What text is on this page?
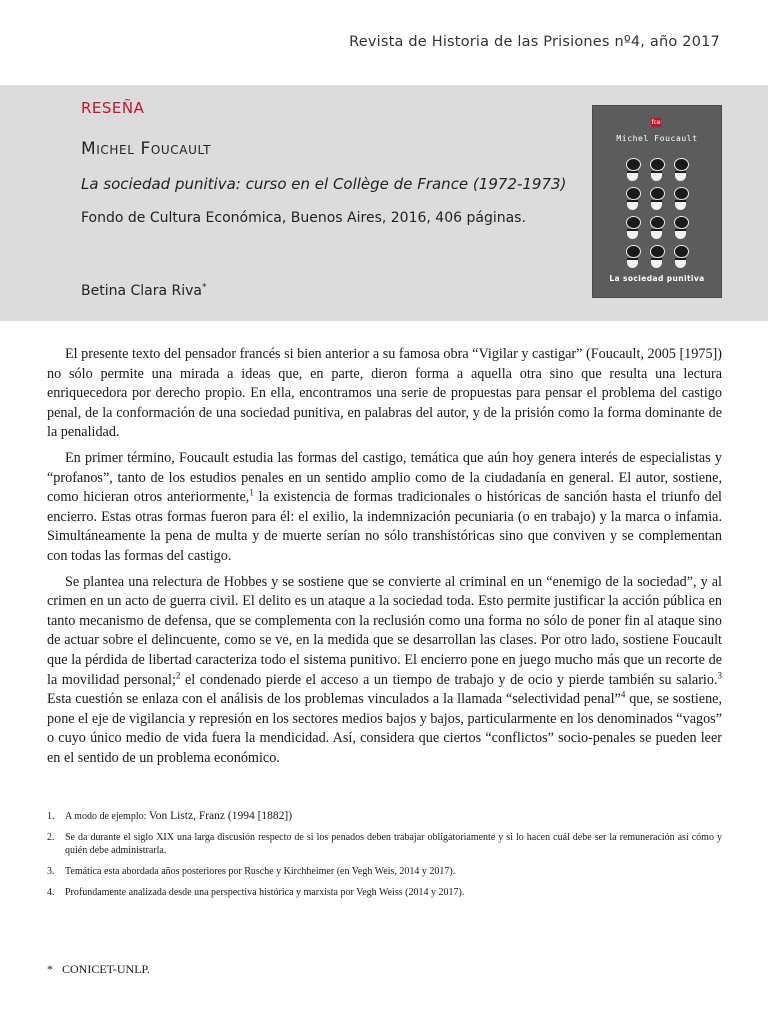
Revista de Historia de las Prisiones nº4, año 2017
RESEÑA
Michel Foucault
La sociedad punitiva: curso en el Collège de France (1972-1973)
Fondo de Cultura Económica, Buenos Aires, 2016, 406 páginas.
Betina Clara Riva*
fce
Michel Foucault
La sociedad punitiva

El presente texto del pensador francés si bien anterior a su famosa obra “Vigilar y castigar” (Foucault, 2005 [1975]) no sólo permite una mirada a ideas que, en parte, dieron forma a aquella otra sino que resulta una lectura enriquecedora por derecho propio. En ella, encontramos una serie de propuestas para pensar el problema del castigo penal, de la conformación de una sociedad punitiva, en palabras del autor, y de la prisión como la forma dominante de la penalidad.

En primer término, Foucault estudia las formas del castigo, temática que aún hoy genera interés de especialistas y “profanos”, tanto de los estudios penales en un sentido amplio como de la ciudadanía en general. El autor, sostiene, como hicieran otros anteriormente,$^1$ la existencia de formas tradicionales o históricas de sanción hasta el triunfo del encierro. Estas otras formas fueron para él: el exilio, la indemnización pecuniaria (o en trabajo) y la marca o infamia. Simultáneamente la pena de multa y de muerte serían no sólo transhistóricas sino que conviven y se complementan con todas las formas del castigo.

Se plantea una relectura de Hobbes y se sostiene que se convierte al criminal en un “enemigo de la sociedad”, y al crimen en un acto de guerra civil. El delito es un ataque a la sociedad toda. Esto permite justificar la acción pública en tanto mecanismo de defensa, que se complementa con la reclusión como una forma no sólo de poner fin al ataque sino de actuar sobre el delincuente, como se ve, en la medida que se desarrollan las clases. Por otro lado, sostiene Foucault que la pérdida de libertad caracteriza todo el sistema punitivo. El encierro pone en juego mucho más que un recorte de la movilidad personal;$^2$ el condenado pierde el acceso a un tiempo de trabajo y de ocio y pierde también su salario.$^3$ Esta cuestión se enlaza con el análisis de los problemas vinculados a la llamada “selectividad penal”$^4$ que, se sostiene, pone el eje de vigilancia y represión en los sectores medios bajos y bajos, particularmente en los denominados “vagos” o cuyo único medio de vida fuera la mendicidad. Así, considera que ciertos “conflictos” socio-penales se pueden leer en el sentido de un problema económico.

1.	A modo de ejemplo: Von Listz, Franz (1994 [1882])
2.	Se da durante el siglo XIX una larga discusión respecto de si los penados deben trabajar obligatoriamente y si lo hacen cuál debe ser la remuneración así cómo y quién debe administrarla.
3.	Temática esta abordada años posteriores por Rusche y Kirchheimer (en Vegh Weis, 2014 y 2017).
4.	Profundamente analizada desde una perspectiva histórica y marxista por Vegh Weiss (2014 y 2017).
* CONICET-UNLP.
